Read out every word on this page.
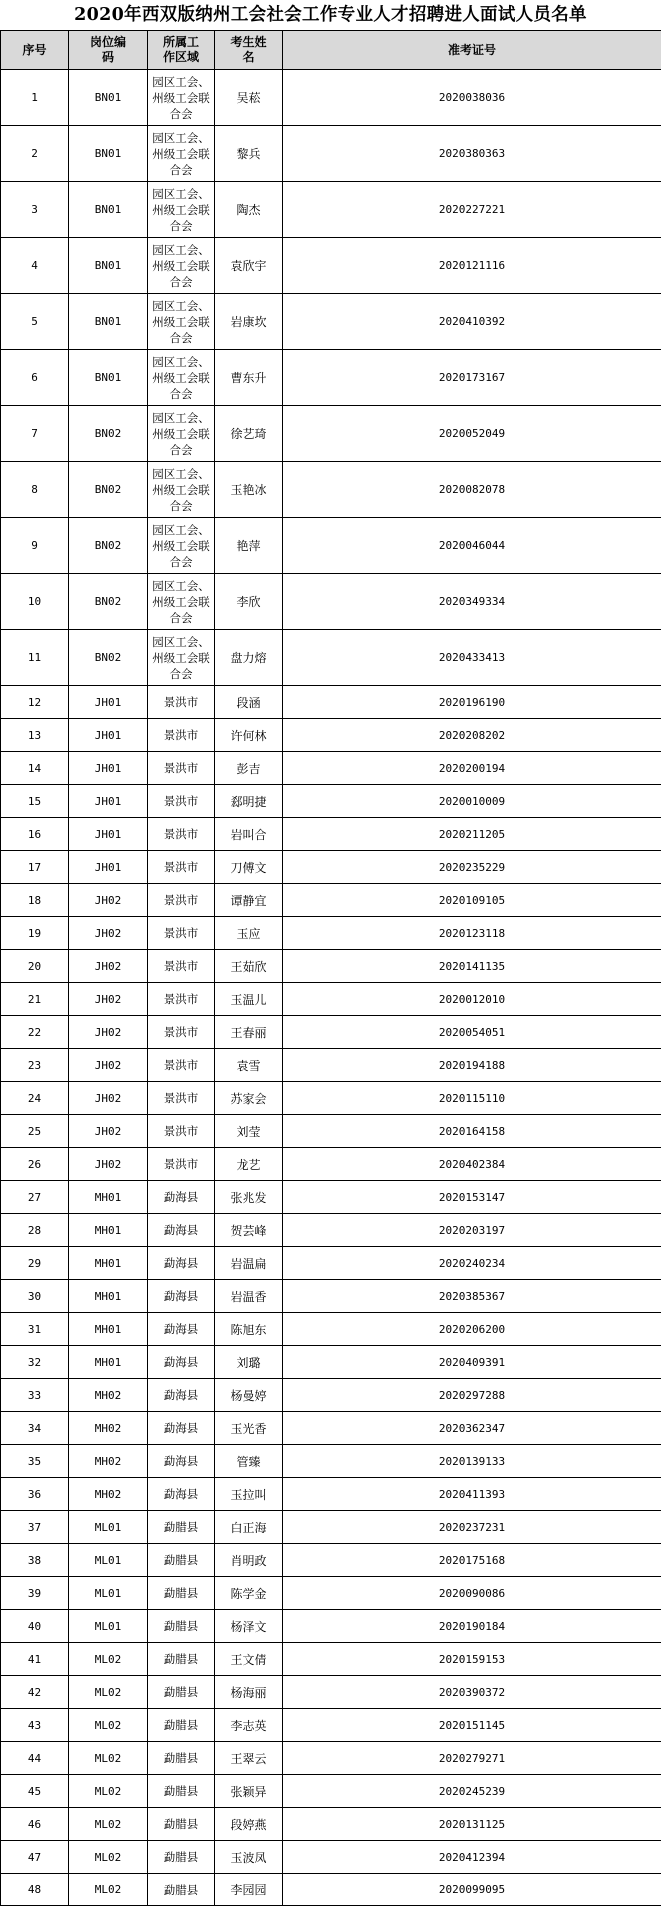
2020年西双版纳州工会社会工作专业人才招聘进人面试人员名单
序号	岗位编码	所属工作区域	考生姓名	准考证号
1	BN01	园区工会、州级工会联合会	吴菘	2020038036
2	BN01	园区工会、州级工会联合会	黎兵	2020380363
3	BN01	园区工会、州级工会联合会	陶杰	2020227221
4	BN01	园区工会、州级工会联合会	袁欣宇	2020121116
5	BN01	园区工会、州级工会联合会	岩康坎	2020410392
6	BN01	园区工会、州级工会联合会	曹东升	2020173167
7	BN02	园区工会、州级工会联合会	徐艺琦	2020052049
8	BN02	园区工会、州级工会联合会	玉艳冰	2020082078
9	BN02	园区工会、州级工会联合会	艳萍	2020046044
10	BN02	园区工会、州级工会联合会	李欣	2020349334
11	BN02	园区工会、州级工会联合会	盘力熔	2020433413
12	JH01	景洪市	段涵	2020196190
13	JH01	景洪市	许何林	2020208202
14	JH01	景洪市	彭吉	2020200194
15	JH01	景洪市	郄明捷	2020010009
16	JH01	景洪市	岩叫合	2020211205
17	JH01	景洪市	刀傅文	2020235229
18	JH02	景洪市	谭静宜	2020109105
19	JH02	景洪市	玉应	2020123118
20	JH02	景洪市	王茹欣	2020141135
21	JH02	景洪市	玉温儿	2020012010
22	JH02	景洪市	王春丽	2020054051
23	JH02	景洪市	袁雪	2020194188
24	JH02	景洪市	苏家会	2020115110
25	JH02	景洪市	刘莹	2020164158
26	JH02	景洪市	龙艺	2020402384
27	MH01	勐海县	张兆发	2020153147
28	MH01	勐海县	贺芸峰	2020203197
29	MH01	勐海县	岩温扁	2020240234
30	MH01	勐海县	岩温香	2020385367
31	MH01	勐海县	陈旭东	2020206200
32	MH01	勐海县	刘璐	2020409391
33	MH02	勐海县	杨曼婷	2020297288
34	MH02	勐海县	玉光香	2020362347
35	MH02	勐海县	管臻	2020139133
36	MH02	勐海县	玉拉叫	2020411393
37	ML01	勐腊县	白正海	2020237231
38	ML01	勐腊县	肖明政	2020175168
39	ML01	勐腊县	陈学金	2020090086
40	ML01	勐腊县	杨泽文	2020190184
41	ML02	勐腊县	王文倩	2020159153
42	ML02	勐腊县	杨海丽	2020390372
43	ML02	勐腊县	李志英	2020151145
44	ML02	勐腊县	王翠云	2020279271
45	ML02	勐腊县	张颖异	2020245239
46	ML02	勐腊县	段婷燕	2020131125
47	ML02	勐腊县	玉波凤	2020412394
48	ML02	勐腊县	李园园	2020099095
